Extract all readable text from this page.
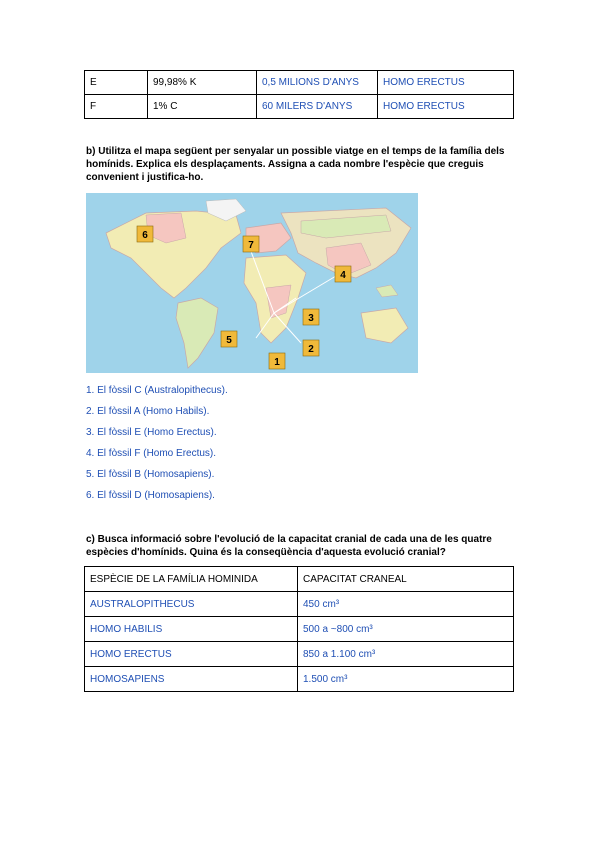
E	99,98% K	0,5 MILIONS D'ANYS	HOMO ERECTUS
F	1% C	60 MILERS D'ANYS	HOMO ERECTUS
b) Utilitza el mapa següent per senyalar un possible viatge en el temps de la família dels homínids. Explica els desplaçaments. Assigna a cada nombre l'espècie que creguis convenient i justifica-ho.
1
2
3
4
5
6
7
1. El fòssil C (Australopithecus).
2. El fòssil A (Homo Habils).
3. El fòssil E (Homo Erectus).
4. El fòssil F (Homo Erectus).
5. El fòssil B (Homosapiens).
6. El fòssil D (Homosapiens).
c) Busca informació sobre l'evolució de la capacitat cranial de cada una de les quatre espècies d'homínids. Quina és la conseqüència d'aquesta evolució cranial?
ESPÈCIE DE LA FAMÍLIA HOMINIDA	CAPACITAT CRANEAL
AUSTRALOPITHECUS	450 cm³
HOMO HABILIS	500 a ~800 cm³
HOMO ERECTUS	850 a 1.100 cm³
HOMOSAPIENS	1.500 cm³
